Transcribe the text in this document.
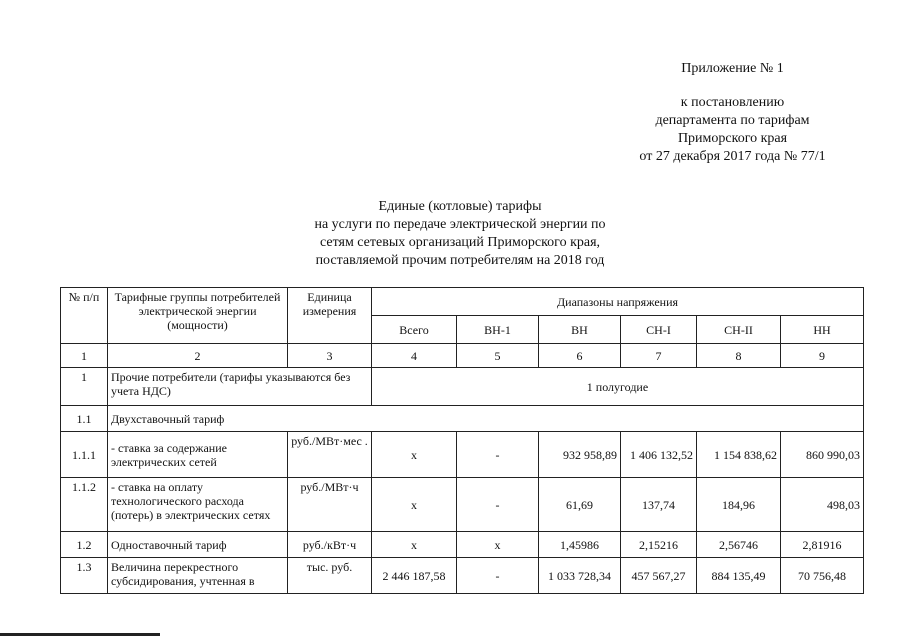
Приложение № 1
к постановлению
департамента по тарифам
Приморского края
от 27 декабря 2017 года № 77/1
Единые (котловые) тарифы
на услуги по передаче электрической энергии по
сетям сетевых организаций Приморского края,
поставляемой прочим потребителям на 2018 год
№ п/п	Тарифные группы потребителей электрической энергии (мощности)	Единица измерения	Диапазоны напряжения					
			Всего	ВН-1	ВН	СН-I	СН-II	НН
1	2	3	4	5	6	7	8	9
1	Прочие потребители (тарифы указываются без учета НДС)		1 полугодие					
1.1	Двухставочный тариф							
1.1.1	- ставка за содержание электрических сетей	руб./МВт·мес .	х	-	932 958,89	1 406 132,52	1 154 838,62	860 990,03
1.1.2	- ставка на оплату технологического расхода (потерь) в электрических сетях	руб./МВт·ч	х	-	61,69	137,74	184,96	498,03
1.2	Одноставочный тариф	руб./кВт·ч	х	х	1,45986	2,15216	2,56746	2,81916
1.3	Величина перекрестного субсидирования, учтенная в	тыс. руб.	2 446 187,58	-	1 033 728,34	457 567,27	884 135,49	70 756,48
